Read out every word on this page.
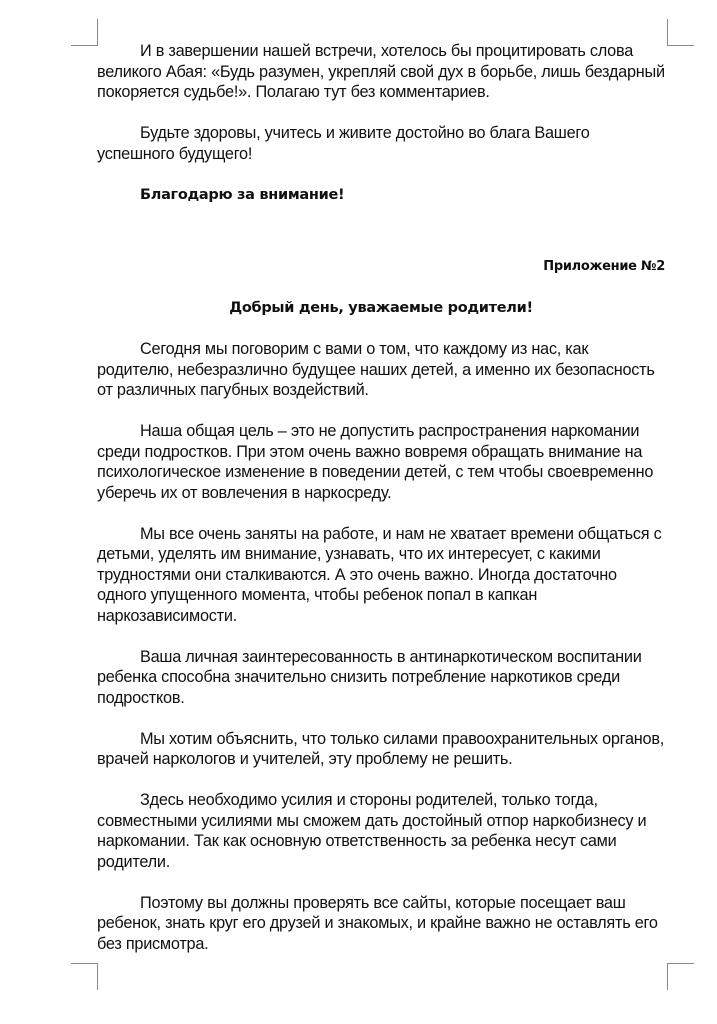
И в завершении нашей встречи, хотелось бы процитировать слова великого Абая: «Будь разумен, укрепляй свой дух в борьбе, лишь бездарный покоряется судьбе!». Полагаю тут без комментариев.

Будьте здоровы, учитесь и живите достойно во блага Вашего успешного будущего!

Благодарю за внимание!

Приложение №2

Добрый день, уважаемые родители!

Сегодня мы поговорим с вами о том, что каждому из нас, как родителю, небезразлично будущее наших детей, а именно их безопасность от различных пагубных воздействий.

Наша общая цель – это не допустить распространения наркомании среди подростков. При этом очень важно вовремя обращать внимание на психологическое изменение в поведении детей, с тем чтобы своевременно уберечь их от вовлечения в наркосреду.

Мы все очень заняты на работе, и нам не хватает времени общаться с детьми, уделять им внимание, узнавать, что их интересует, с какими трудностями они сталкиваются. А это очень важно. Иногда достаточно одного упущенного момента, чтобы ребенок попал в капкан наркозависимости.

Ваша личная заинтересованность в антинаркотическом воспитании ребенка способна значительно снизить потребление наркотиков среди подростков.

Мы хотим объяснить, что только силами правоохранительных органов, врачей наркологов и учителей, эту проблему не решить.

Здесь необходимо усилия и стороны родителей, только тогда, совместными усилиями мы сможем дать достойный отпор наркобизнесу и наркомании. Так как основную ответственность за ребенка несут сами родители.

Поэтому вы должны проверять все сайты, которые посещает ваш ребенок, знать круг его друзей и знакомых, и крайне важно не оставлять его без присмотра.
